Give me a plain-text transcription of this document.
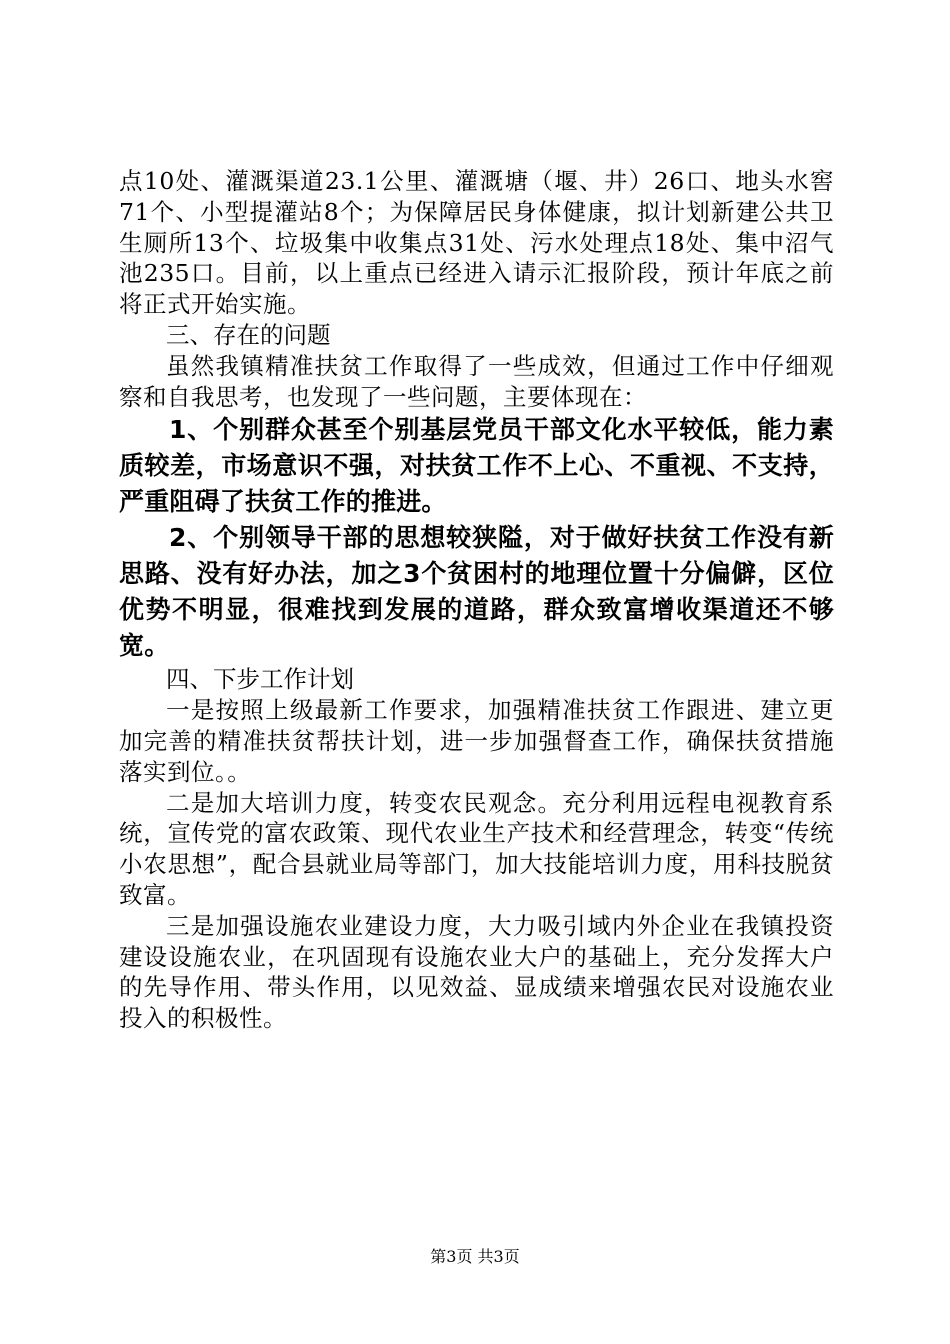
点10处、灌溉渠道23.1公里、灌溉塘（堰、井）26口、地头水窖71个、小型提灌站8个；为保障居民身体健康，拟计划新建公共卫生厕所13个、垃圾集中收集点31处、污水处理点18处、集中沼气池235口。目前，以上重点已经进入请示汇报阶段，预计年底之前将正式开始实施。

三、存在的问题

虽然我镇精准扶贫工作取得了一些成效，但通过工作中仔细观察和自我思考，也发现了一些问题，主要体现在：

1、个别群众甚至个别基层党员干部文化水平较低，能力素质较差，市场意识不强，对扶贫工作不上心、不重视、不支持，严重阻碍了扶贫工作的推进。

2、个别领导干部的思想较狭隘，对于做好扶贫工作没有新思路、没有好办法，加之3个贫困村的地理位置十分偏僻，区位优势不明显，很难找到发展的道路，群众致富增收渠道还不够宽。

四、下步工作计划

一是按照上级最新工作要求，加强精准扶贫工作跟进、建立更加完善的精准扶贫帮扶计划，进一步加强督查工作，确保扶贫措施落实到位。。

二是加大培训力度，转变农民观念。充分利用远程电视教育系统，宣传党的富农政策、现代农业生产技术和经营理念，转变“传统小农思想”，配合县就业局等部门，加大技能培训力度，用科技脱贫致富。

三是加强设施农业建设力度，大力吸引域内外企业在我镇投资建设设施农业，在巩固现有设施农业大户的基础上，充分发挥大户的先导作用、带头作用，以见效益、显成绩来增强农民对设施农业投入的积极性。

第3页 共3页
